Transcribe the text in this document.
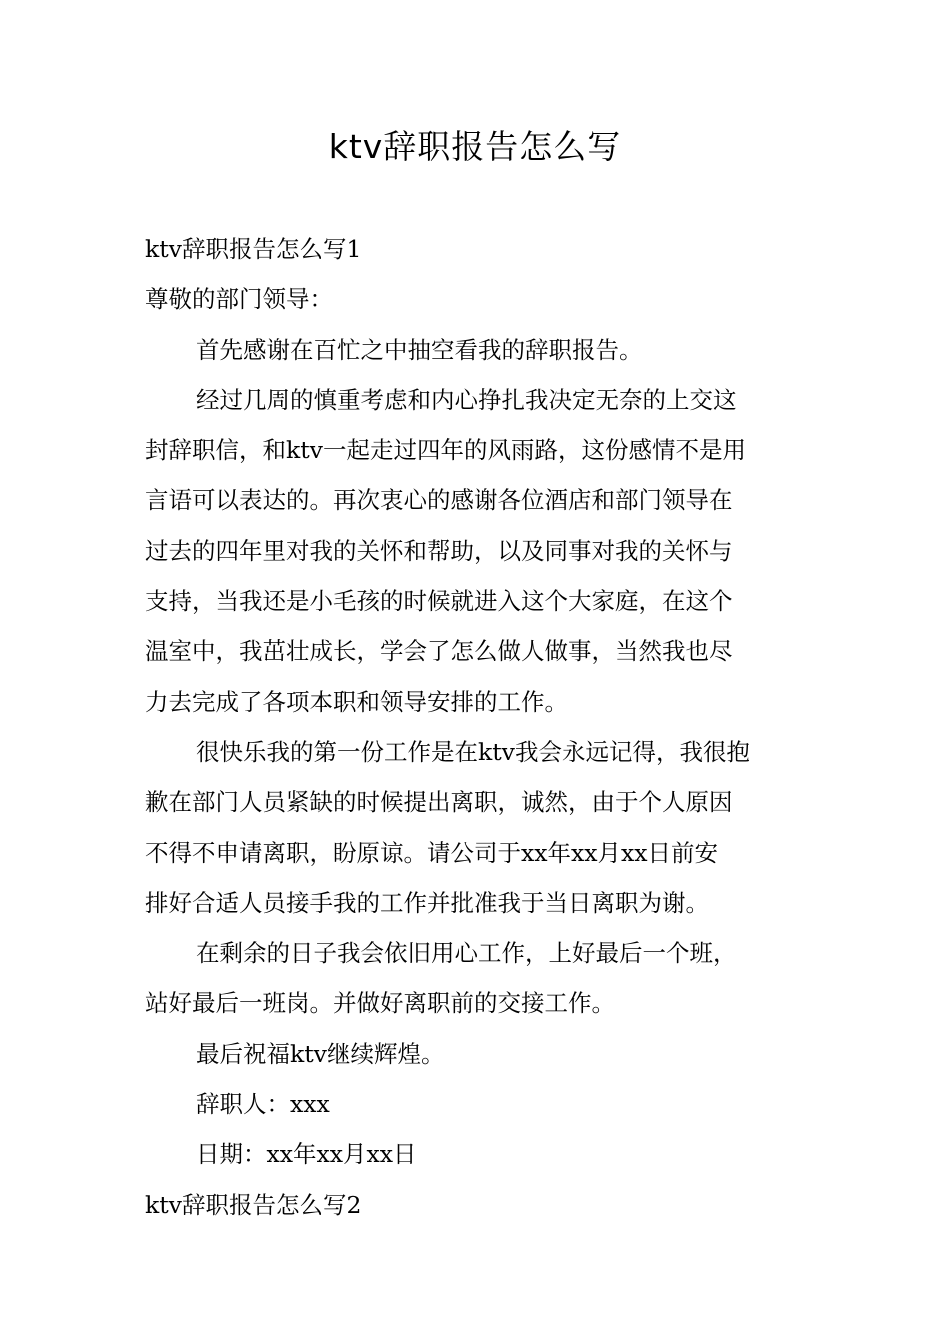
ktv辞职报告怎么写
ktv辞职报告怎么写1
尊敬的部门领导：
首先感谢在百忙之中抽空看我的辞职报告。
经过几周的慎重考虑和内心挣扎我决定无奈的上交这
封辞职信，和ktv一起走过四年的风雨路，这份感情不是用
言语可以表达的。再次衷心的感谢各位酒店和部门领导在
过去的四年里对我的关怀和帮助，以及同事对我的关怀与
支持，当我还是小毛孩的时候就进入这个大家庭，在这个
温室中，我茁壮成长，学会了怎么做人做事，当然我也尽
力去完成了各项本职和领导安排的工作。
很快乐我的第一份工作是在ktv我会永远记得，我很抱
歉在部门人员紧缺的时候提出离职，诚然，由于个人原因
不得不申请离职，盼原谅。请公司于xx年xx月xx日前安
排好合适人员接手我的工作并批准我于当日离职为谢。
在剩余的日子我会依旧用心工作，上好最后一个班，
站好最后一班岗。并做好离职前的交接工作。
最后祝福ktv继续辉煌。
辞职人：xxx
日期：xx年xx月xx日
ktv辞职报告怎么写2
